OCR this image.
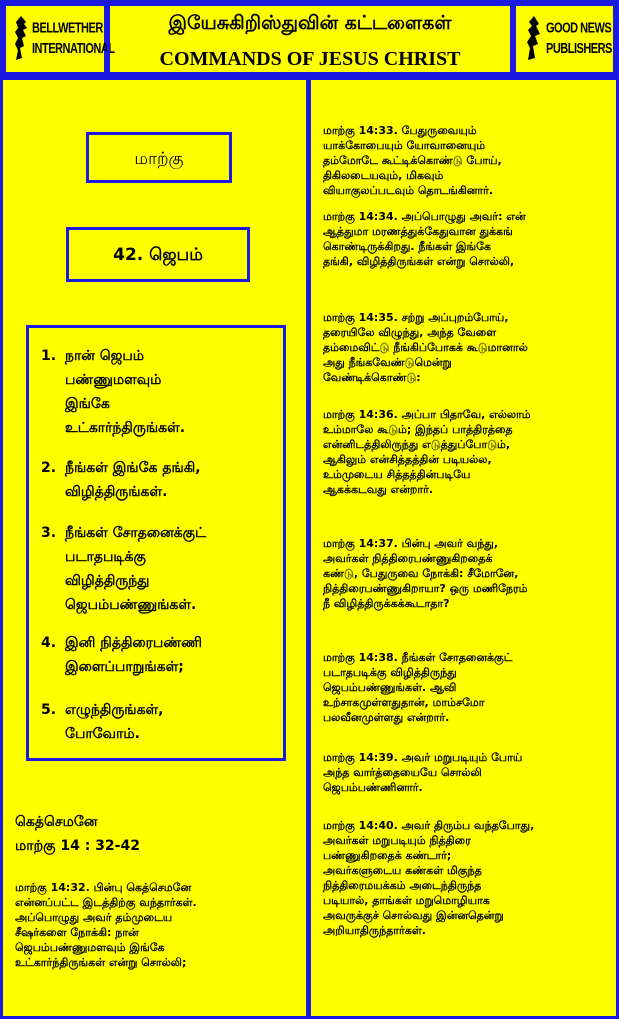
BELLWETHER
INTERNATIONAL
இயேசுகிறிஸ்துவின் கட்டளைகள்
COMMANDS OF JESUS CHRIST
GOOD NEWS
PUBLISHERS
மாற்கு
42. ஜெபம்
1. நான் ஜெபம்
பண்ணுமளவும்
இங்கே
உட்கார்ந்திருங்கள்.
2. நீங்கள் இங்கே தங்கி,
விழித்திருங்கள்.
3. நீங்கள் சோதனைக்குட்
படாதபடிக்கு
விழித்திருந்து
ஜெபம்பண்ணுங்கள்.
4. இனி நித்திரைபண்ணி
இளைப்பாறுங்கள்;
5. எழுந்திருங்கள்,
போவோம்.
கெத்செமனே
மாற்கு 14 : 32-42
மாற்கு 14:32. பின்பு கெத்செமனே
என்னப்பட்ட இடத்திற்கு வந்தார்கள்.
அப்பொழுது அவர் தம்முடைய
சீஷர்களை நோக்கி: நான்
ஜெபம்பண்ணுமளவும் இங்கே
உட்கார்ந்திருங்கள் என்று சொல்லி;
மாற்கு 14:33. பேதுருவையும்
யாக்கோபையும் யோவானையும்
தம்மோடே கூட்டிக்கொண்டு போய்,
திகிலடையவும், மிகவும்
வியாகுலப்படவும் தொடங்கினார்.
மாற்கு 14:34. அப்பொழுது அவர்: என்
ஆத்துமா மரணத்துக்கேதுவான துக்கங்
கொண்டிருக்கிறது. நீங்கள் இங்கே
தங்கி, விழித்திருங்கள் என்று சொல்லி,
மாற்கு 14:35. சற்று அப்புறம்போய்,
தரையிலே விழுந்து, அந்த வேளை
தம்மைவிட்டு நீங்கிப்போகக் கூடுமானால்
அது நீங்கவேண்டுமென்று
வேண்டிக்கொண்டு:
மாற்கு 14:36. அப்பா பிதாவே, எல்லாம்
உம்மாலே கூடும்; இந்தப் பாத்திரத்தை
என்னிடத்திலிருந்து எடுத்துப்போடும்,
ஆகிலும் என்சித்தத்தின் படியல்ல,
உம்முடைய சித்தத்தின்படியே
ஆகக்கடவது என்றார்.
மாற்கு 14:37. பின்பு அவர் வந்து,
அவர்கள் நித்திரைபண்ணுகிறதைக்
கண்டு, பேதுருவை நோக்கி: சீமோனே,
நித்திரைபண்ணுகிறாயா? ஒரு மணிநேரம்
நீ விழித்திருக்கக்கூடாதா?
மாற்கு 14:38. நீங்கள் சோதனைக்குட்
படாதபடிக்கு விழித்திருந்து
ஜெபம்பண்ணுங்கள். ஆவி
உற்சாகமுள்ளதுதான், மாம்சமோ
பலவீனமுள்ளது என்றார்.
மாற்கு 14:39. அவர் மறுபடியும் போய்
அந்த வார்த்தையையே சொல்லி
ஜெபம்பண்ணினார்.
மாற்கு 14:40. அவர் திரும்ப வந்தபோது,
அவர்கள் மறுபடியும் நித்திரை
பண்ணுகிறதைக் கண்டார்;
அவர்களுடைய கண்கள் மிகுந்த
நித்திரைமயக்கம் அடைந்திருந்த
படியால், தாங்கள் மறுமொழியாக
அவருக்குச் சொல்வது இன்னதென்று
அறியாதிருந்தார்கள்.
